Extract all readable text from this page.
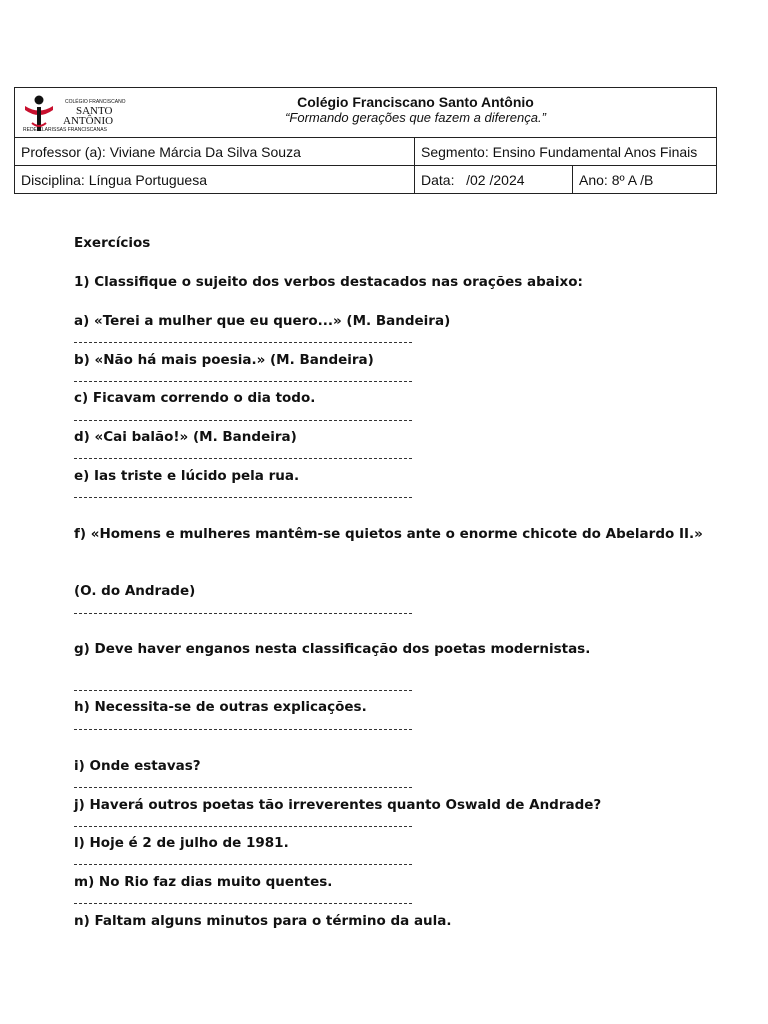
COLÉGIO FRANCISCANO
SANTO
ANTÔNIO
REDE CLARISSAS FRANCISCANAS
Colégio Franciscano Santo Antônio
“Formando gerações que fazem a diferença.”
Professor (a): Viviane Márcia Da Silva Souza	Segmento: Ensino Fundamental Anos Finais
Disciplina: Língua Portuguesa	Data:   /02 /2024	Ano: 8º A /B
Exercícios
1) Classifique o sujeito dos verbos destacados nas orações abaixo:
a) «Terei a mulher que eu quero...» (M. Bandeira)
b) «Não há mais poesia.» (M. Bandeira)
c) Ficavam correndo o dia todo.
d) «Cai balão!» (M. Bandeira)
e) Ias triste e lúcido pela rua.
f) «Homens e mulheres mantêm-se quietos ante o enorme chicote do Abelardo II.»
(O. do Andrade)
g) Deve haver enganos nesta classificação dos poetas modernistas.
h) Necessita-se de outras explicações.
i) Onde estavas?
j) Haverá outros poetas tão irreverentes quanto Oswald de Andrade?
l) Hoje é 2 de julho de 1981.
m) No Rio faz dias muito quentes.
n) Faltam alguns minutos para o término da aula.
